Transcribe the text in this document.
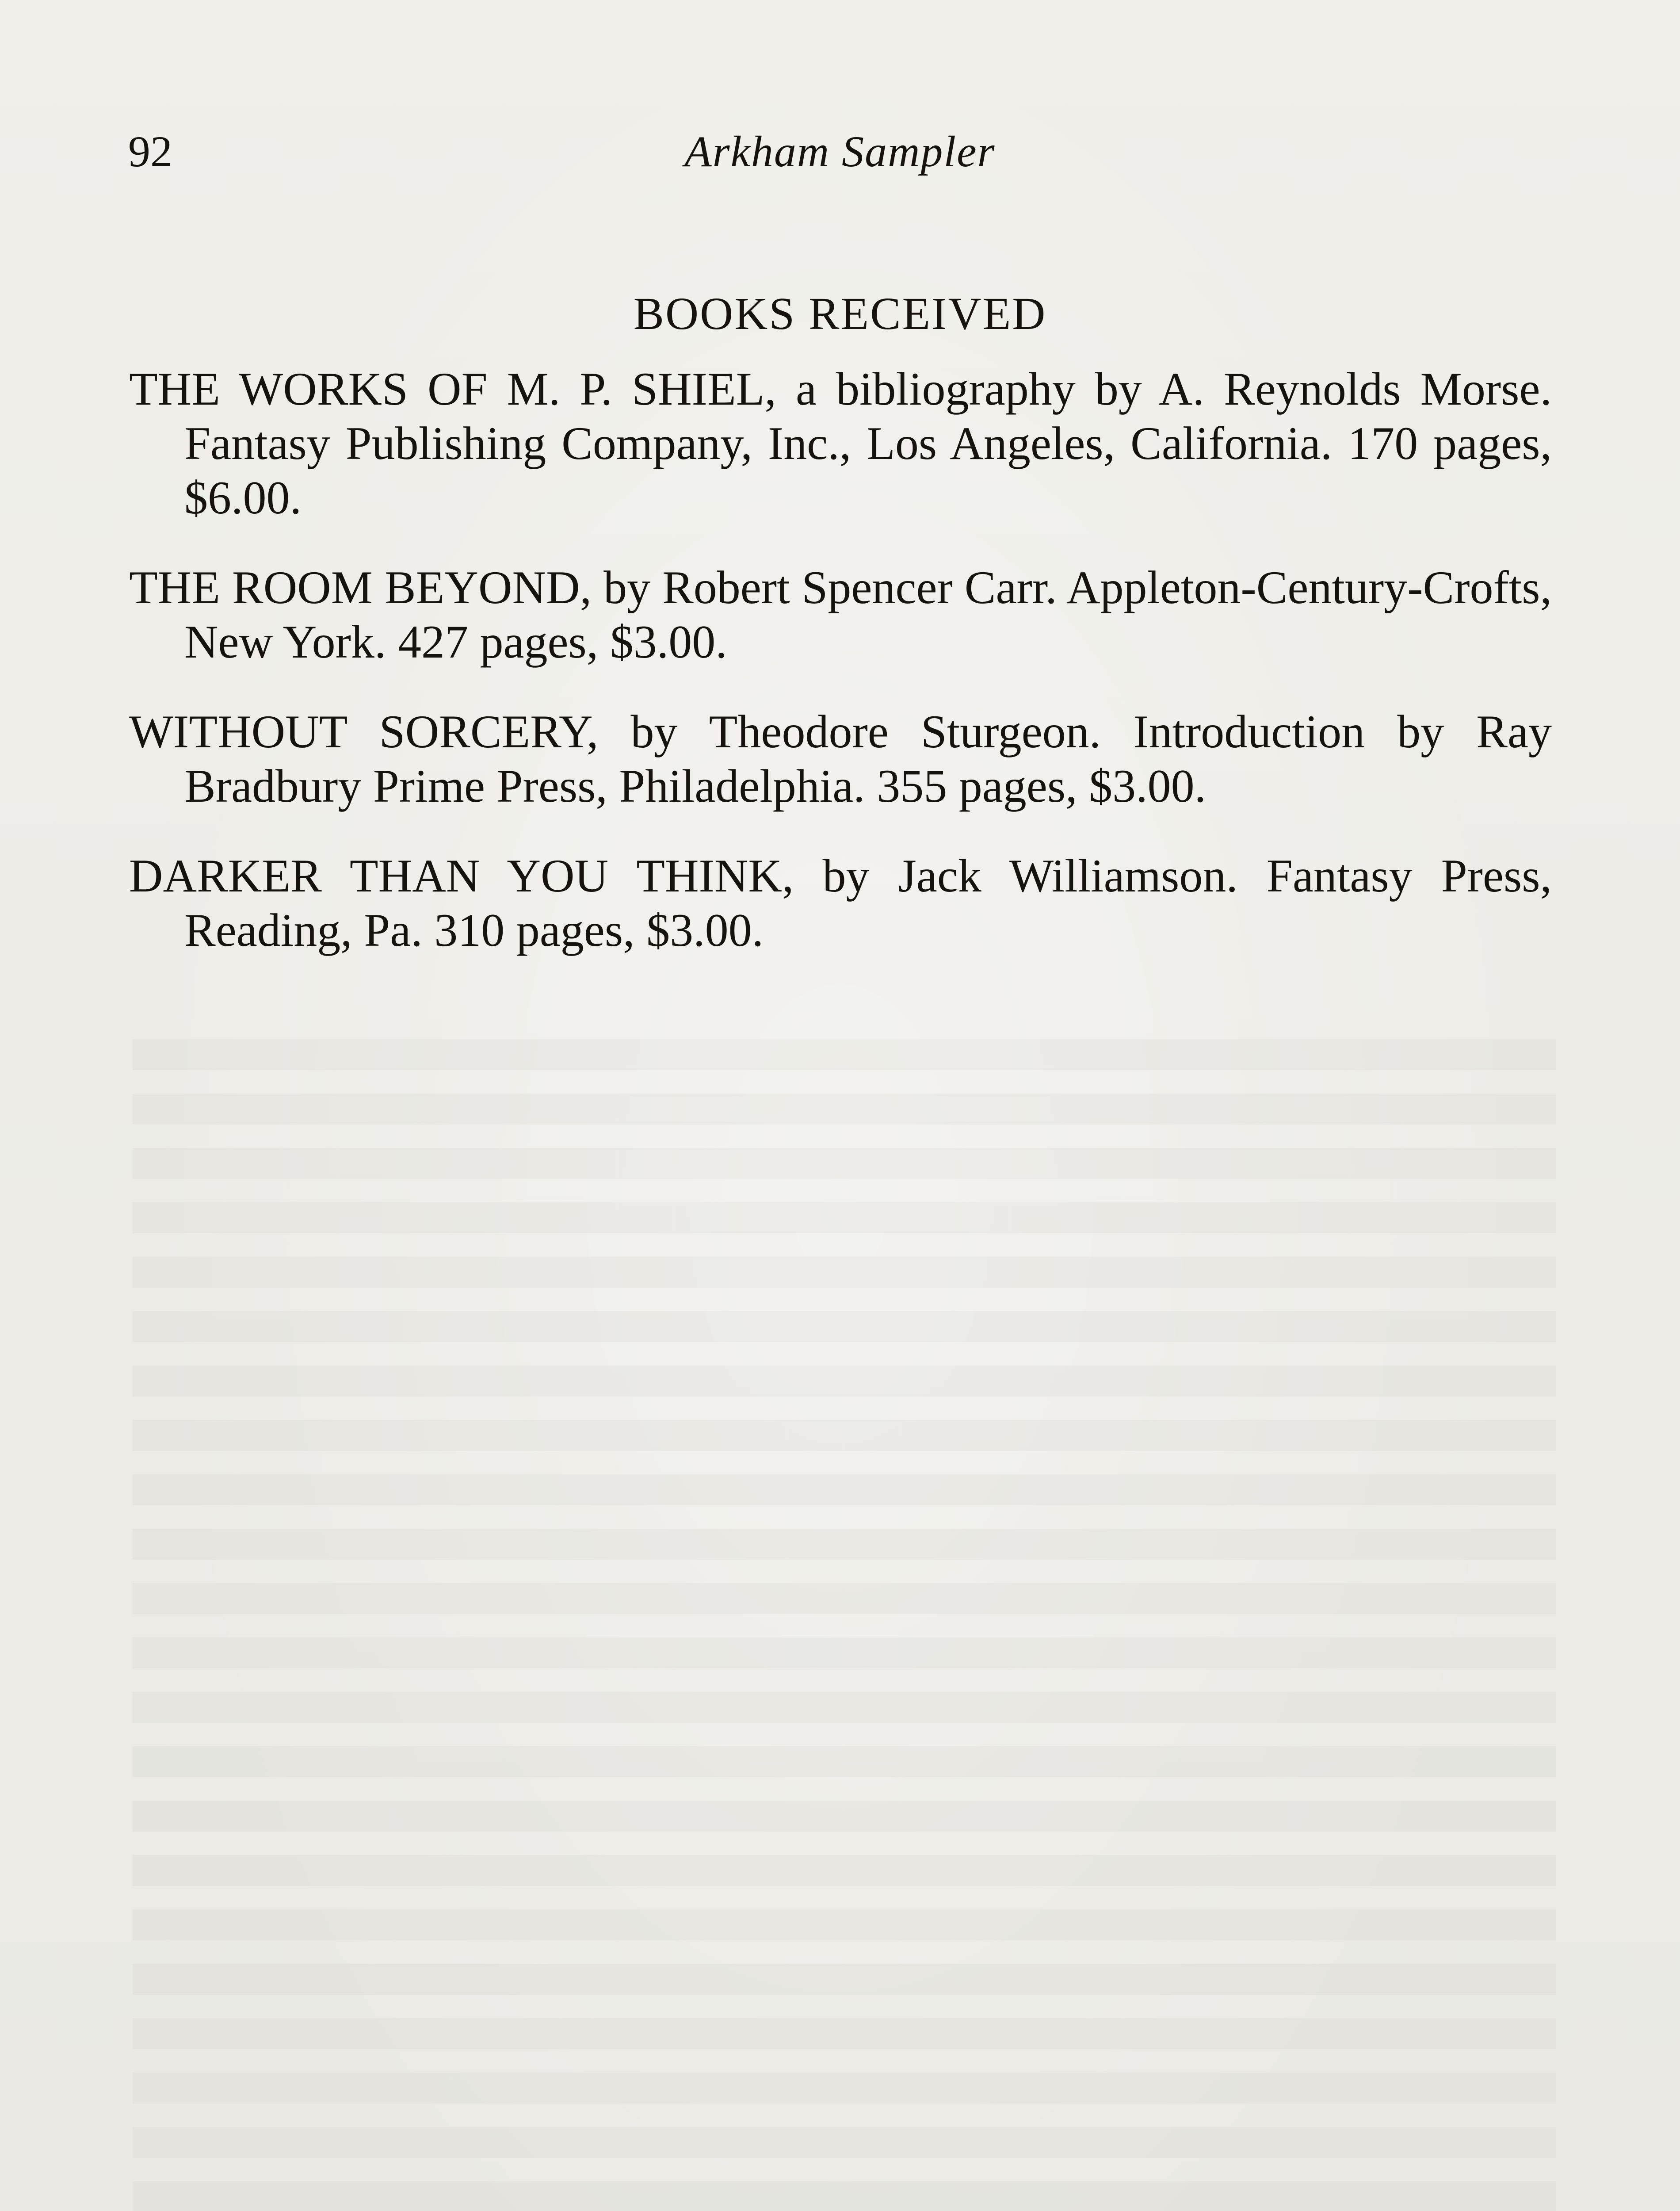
92	Arkham Sampler
BOOKS RECEIVED

THE WORKS OF M. P. SHIEL, a bibliography by A. Reynolds Morse. Fantasy Publishing Company, Inc., Los Angeles, California. 170 pages, $6.00.

THE ROOM BEYOND, by Robert Spencer Carr. Appleton-Century-Crofts, New York. 427 pages, $3.00.

WITHOUT SORCERY, by Theodore Sturgeon. Introduction by Ray Bradbury Prime Press, Philadelphia. 355 pages, $3.00.

DARKER THAN YOU THINK, by Jack Williamson. Fantasy Press, Reading, Pa. 310 pages, $3.00.
